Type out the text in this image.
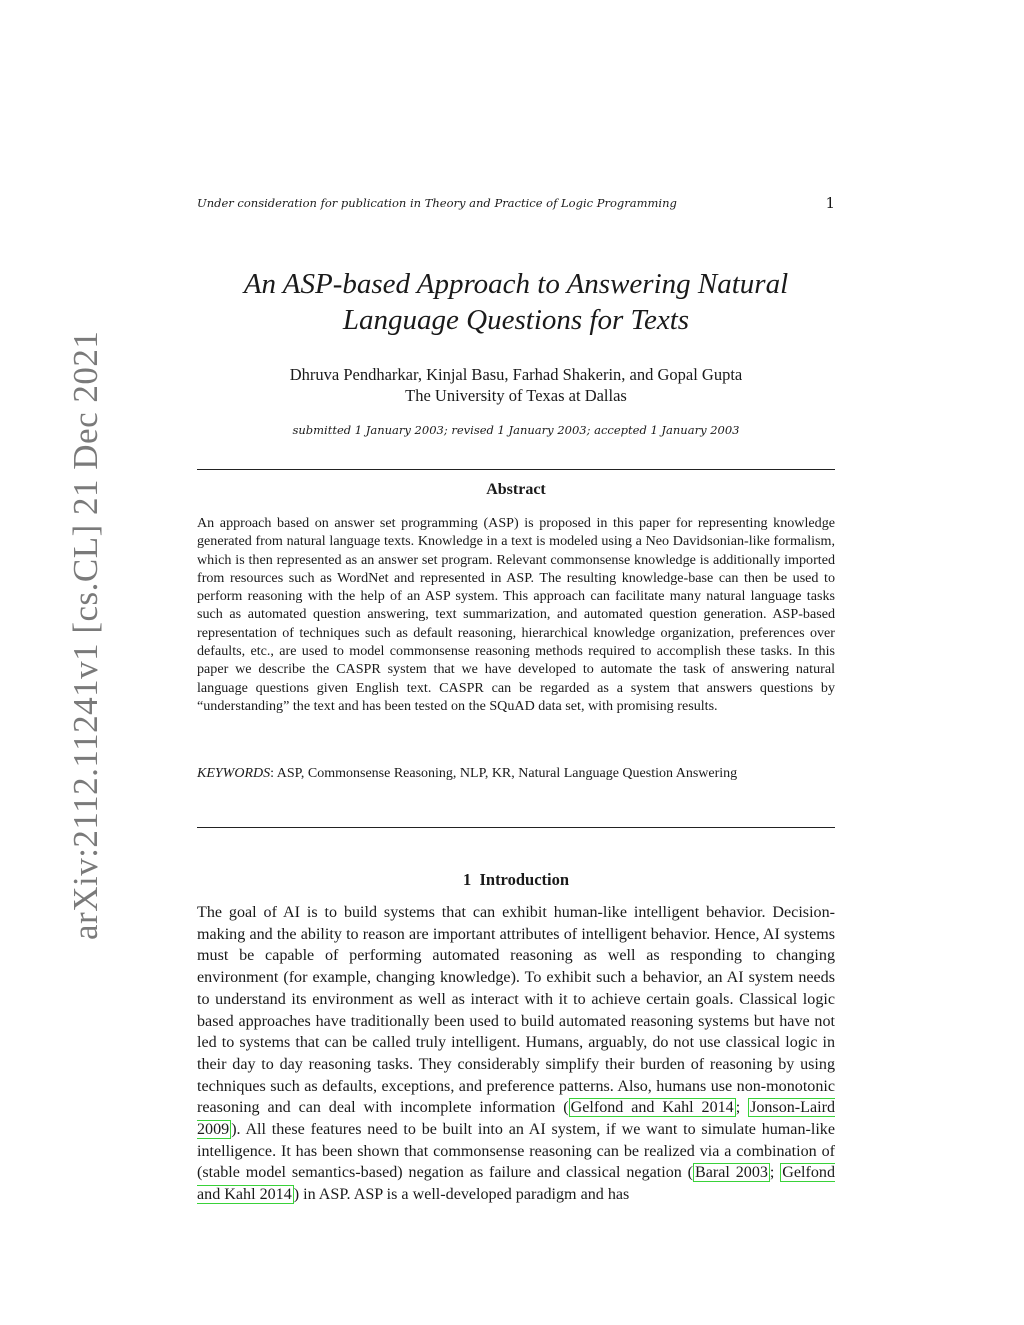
arXiv:2112.11241v1 [cs.CL] 21 Dec 2021
Under consideration for publication in Theory and Practice of Logic Programming	1
An ASP-based Approach to Answering Natural
Language Questions for Texts
Dhruva Pendharkar, Kinjal Basu, Farhad Shakerin, and Gopal Gupta
The University of Texas at Dallas
submitted 1 January 2003; revised 1 January 2003; accepted 1 January 2003
Abstract
An approach based on answer set programming (ASP) is proposed in this paper for representing knowledge generated from natural language texts. Knowledge in a text is modeled using a Neo Davidsonian-like formalism, which is then represented as an answer set program. Relevant commonsense knowledge is additionally imported from resources such as WordNet and represented in ASP. The resulting knowledge-base can then be used to perform reasoning with the help of an ASP system. This approach can facilitate many natural language tasks such as automated question answering, text summarization, and automated question generation. ASP-based representation of techniques such as default reasoning, hierarchical knowledge organization, preferences over defaults, etc., are used to model commonsense reasoning methods required to accomplish these tasks. In this paper we describe the CASPR system that we have developed to automate the task of answering natural language questions given English text. CASPR can be regarded as a system that answers questions by “understanding” the text and has been tested on the SQuAD data set, with promising results.
KEYWORDS: ASP, Commonsense Reasoning, NLP, KR, Natural Language Question Answering
1 Introduction
The goal of AI is to build systems that can exhibit human-like intelligent behavior. Decision-making and the ability to reason are important attributes of intelligent behavior. Hence, AI systems must be capable of performing automated reasoning as well as responding to changing environment (for example, changing knowledge). To exhibit such a behavior, an AI system needs to understand its environment as well as interact with it to achieve certain goals. Classical logic based approaches have traditionally been used to build automated reasoning systems but have not led to systems that can be called truly intelligent. Humans, arguably, do not use classical logic in their day to day reasoning tasks. They considerably simplify their burden of reasoning by using techniques such as defaults, exceptions, and preference patterns. Also, humans use non-monotonic reasoning and can deal with incomplete information ( Gelfond and Kahl 2014 ; Jonson-Laird 2009 ). All these features need to be built into an AI system, if we want to simulate human-like intelligence. It has been shown that commonsense reasoning can be realized via a combination of (stable model semantics-based) negation as failure and classical negation ( Baral 2003 ; Gelfond and Kahl 2014 ) in ASP. ASP is a well-developed paradigm and has
